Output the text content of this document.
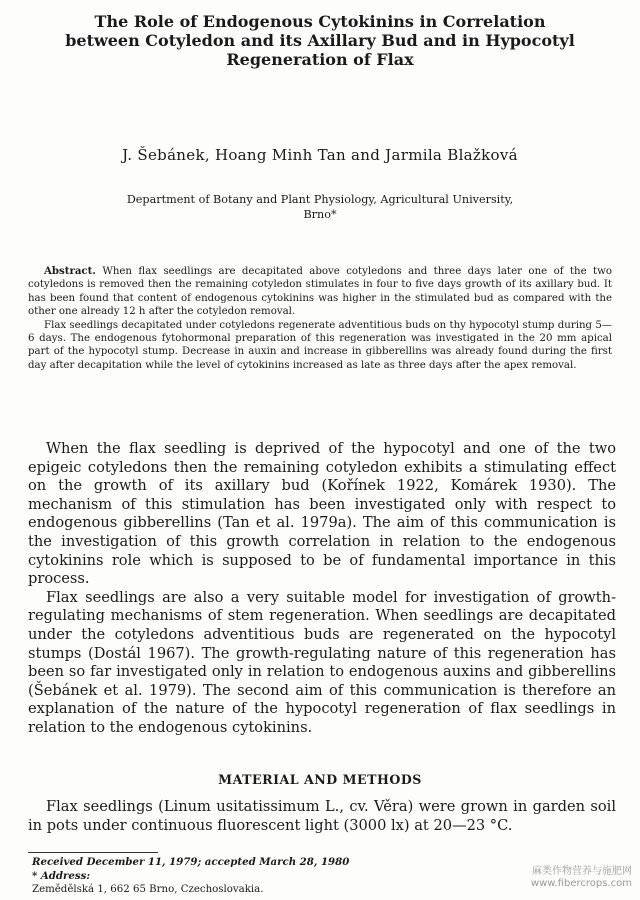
The Role of Endogenous Cytokinins in Correlation
between Cotyledon and its Axillary Bud and in Hypocotyl
Regeneration of Flax
J. Šebánek, Hoang Minh Tan and Jarmila Blažková
Department of Botany and Plant Physiology, Agricultural University,
Brno*

Abstract. When flax seedlings are decapitated above cotyledons and three days later one of the two cotyledons is removed then the remaining cotyledon stimulates in four to five days growth of its axillary bud. It has been found that content of endogenous cytokinins was higher in the stimulated bud as compared with the other one already 12 h after the cotyledon removal.

Flax seedlings decapitated under cotyledons regenerate adventitious buds on thy hypocotyl stump during 5—6 days. The endogenous fytohormonal preparation of this regeneration was investigated in the 20 mm apical part of the hypocotyl stump. Decrease in auxin and increase in gibberellins was already found during the first day after decapitation while the level of cytokinins increased as late as three days after the apex removal.

When the flax seedling is deprived of the hypocotyl and one of the two epigeic cotyledons then the remaining cotyledon exhibits a stimulating effect on the growth of its axillary bud (Kořínek 1922, Komárek 1930). The mechanism of this stimulation has been investigated only with respect to endogenous gibberellins (Tan et al. 1979a). The aim of this communication is the investigation of this growth correlation in relation to the endogenous cytokinins role which is supposed to be of fundamental importance in this process.

Flax seedlings are also a very suitable model for investigation of growth-regulating mechanisms of stem regeneration. When seedlings are decapitated under the cotyledons adventitious buds are regenerated on the hypocotyl stumps (Dostál 1967). The growth-regulating nature of this regeneration has been so far investigated only in relation to endogenous auxins and gibberellins (Šebánek et al. 1979). The second aim of this communication is therefore an explanation of the nature of the hypocotyl regeneration of flax seedlings in relation to the endogenous cytokinins.

MATERIAL AND METHODS

Flax seedlings (Linum usitatissimum L., cv. Věra) were grown in garden soil in pots under continuous fluorescent light (3000 lx) at 20—23 °C.

Received December 11, 1979; accepted March 28, 1980
* Address:
Zemědělská 1, 662 65 Brno, Czechoslovakia.
麻类作物营养与施肥网
www.fibercrops.com
